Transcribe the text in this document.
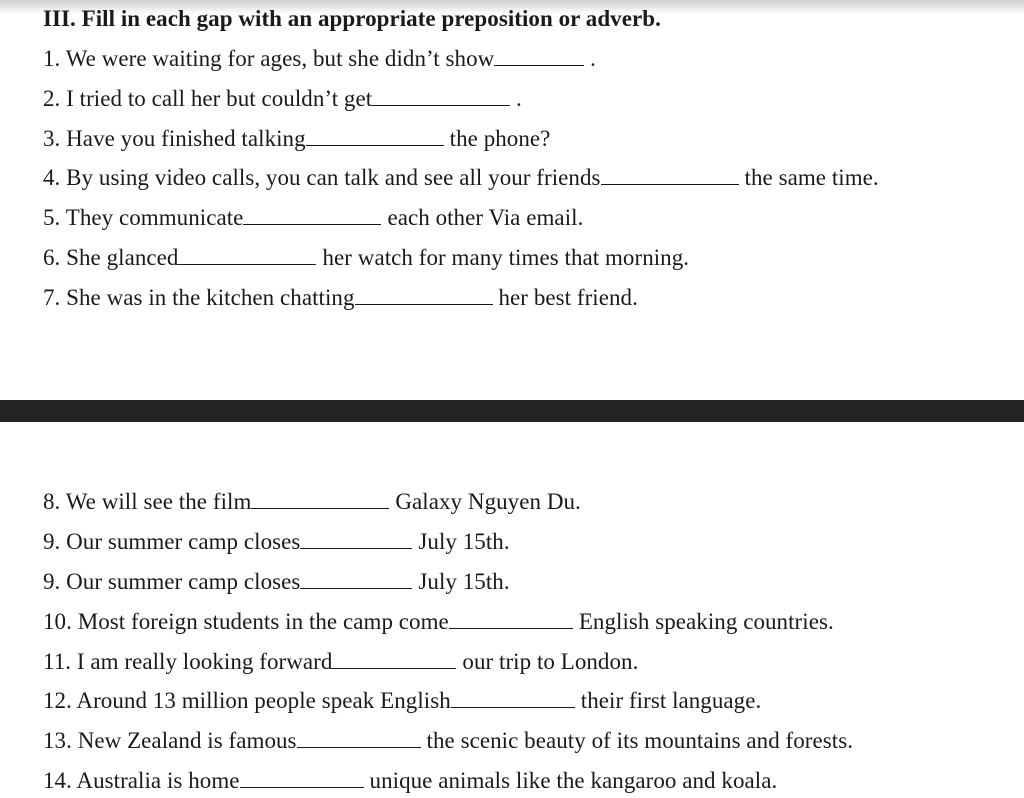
III. Fill in each gap with an appropriate preposition or adverb.
1. We were waiting for ages, but she didn’t show	.
2. I tried to call her but couldn’t get	.
3. Have you finished talking	the phone?
4. By using video calls, you can talk and see all your friends	the same time.
5. They communicate	each other Via email.
6. She glanced	her watch for many times that morning.
7. She was in the kitchen chatting	her best friend.
8. We will see the film	Galaxy Nguyen Du.
9. Our summer camp closes	July 15th.
9. Our summer camp closes	July 15th.
10. Most foreign students in the camp come	English speaking countries.
11. I am really looking forward	our trip to London.
12. Around 13 million people speak English	their first language.
13. New Zealand is famous	the scenic beauty of its mountains and forests.
14. Australia is home	unique animals like the kangaroo and koala.
